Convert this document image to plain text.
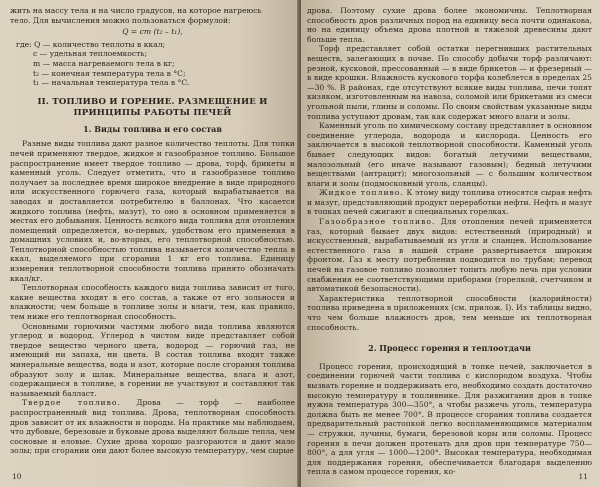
жить на массу тела и на число градусов, на которое нагреюсь

тело. Для вычисления можно пользоваться формулой:

Q = cm (t₂ – t₁),
где: Q — количество теплоты в ккал;
c — удельная теплоемкость;
m — масса нагреваемого тела в кг;
t₂ — конечная температура тела в °C;
t₁ — начальная температура тела в °C.
II. ТОПЛИВО И ГОРЕНИЕ. РАЗМЕЩЕНИЕ И ПРИНЦИПЫ РАБОТЫ ПЕЧЕЙ
1. Виды топлива и его состав

Разные виды топлива дают разное количество теплоты. Для топки печей применяют твердое, жидкое и газообразное топливо. Большое распространение имеет твердое топливо — дрова, торф, брикеты и каменный уголь. Следует отметить, что и газообразное топливо получает за последнее время широкое внедрение в виде природного или искусственного горючего газа, который вырабатывается на заводах и доставляется потребителю в баллонах. Что касается жидкого топлива (нефть, мазут), то оно в основном применяется в местах его добывания. Ценность всякого вида топлива для отопления помещений определяется, во-первых, удобством его применения в домашних условиях и, во-вторых, его теплотворной способностью. Теплотворной способностью топлива называется количество тепла в ккал, выделяемого при сгорании 1 кг его топлива. Единицу измерения теплотворной способности топлива принято обозначать ккал/кг.

Теплотворная способность каждого вида топлива зависит от того, какие вещества входят в его состав, а также от его зольности и влажности; чем больше в топливе золы и влаги, тем, как правило, тем ниже его теплотворная способность.

Основными горючими частями любого вида топлива являются углерод и водород. Углерод в чистом виде представляет собой твердое вещество черного цвета, водород — горючий газ, не имеющий ни запаха, ни цвета. В состав топлива входят также минеральные вещества, вода и азот, которые после сгорания топлива образуют золу и шлак. Минеральные вещества, влага и азот, содержащиеся в топливе, в горении не участвуют и составляют так называемый балласт.

Твердое топливо. Дрова — торф — наиболее распространенный вид топлива. Дрова, теплотворная способность дров зависит от их влажности и породы. На практике мы наблюдаем, что дубовые, березовые и буковые дрова выделяют больше тепла, чем сосновые и еловые. Сухие дрова хорошо разгораются и дают мало золы; при сгорании они дают более высокую температуру, чем сырые

10

дрова. Поэтому сухие дрова более экономичны. Теплотворная способность дров различных пород на единицу веса почти одинакова, но на единицу объема дрова плотной и тяжелой древесины дают больше тепла.

Торф представляет собой остатки перегнивших растительных веществ, залегающих в почве. По способу добычи торф различают: резной, кусковой, прессованный — в виде брикетов — и фрезерный — в виде крошки. Влажность кускового торфа колеблется в пределах 25—30 %. В районах, где отсутствуют всякие виды топлива, печи топят кизяком, изготовленным на навоза, соломой или брикетами из смеси угольной пыли, глины и соломы. По своим свойствам указанные виды топлива уступают дровам, так как содержат много влаги и золы.

Каменный уголь по химическому составу представляет в основном соединение углерода, водорода и кислорода. Ценность его заключается в высокой теплотворной способности. Каменный уголь бывает следующих видов: богатый летучими веществами, малозольный (его иначе называют газовым); бедный летучими веществами (антрацит); многозольный — с большим количеством влаги и золы (подмосковный уголь, сланцы).

Жидкое топливо. К этому виду топлива относятся сырая нефть и мазут, представляющий продукт переработки нефти. Нефть и мазут в топках печей сжигают в специальных горелках.

Газообразное топливо. Для отопления печей применяется газ, который бывает двух видов: естественный (природный) и искусственный, вырабатываемый из угля и сланцев. Использование естественного газа в нашей стране развертывается широким фронтом. Газ к месту потребления подводится по трубам; перевод печей на газовое топливо позволяет топить любую печь при условии снабжения ее соответствующими приборами (горелкой, счетчиком и автоматикой безопасности).

Характеристика теплотворной способности (калорийности) топлива приведена в приложениях (см. прилож. I). Из таблицы видно, что чем больше влажность дров, тем меньше их теплотворная способность.

2. Процесс горения и теплоотдачи

Процесс горения, происходящий в топке печей, заключается в соединении горючей части топлива с кислородом воздуха. Чтобы вызвать горение и поддерживать его, необходимо создать достаточно высокую температуру в топливнике. Для разжигания дров в топке нужна температура 300—350°, а чтобы разжечь уголь, температура должна быть не менее 700°. В процессе сгорания топлива создается предварительный растопкой легко воспламеняющимся материалом — стружки, лучины, бумаги, березовой коры или соломы. Процесс горения в печи должен протекать для дров при температуре 750—800°, а для угля — 1000—1200°. Высокая температура, необходимая для поддержания горения, обеспечивается благодаря выделению тепла в самом процессе горения, ко-

11
